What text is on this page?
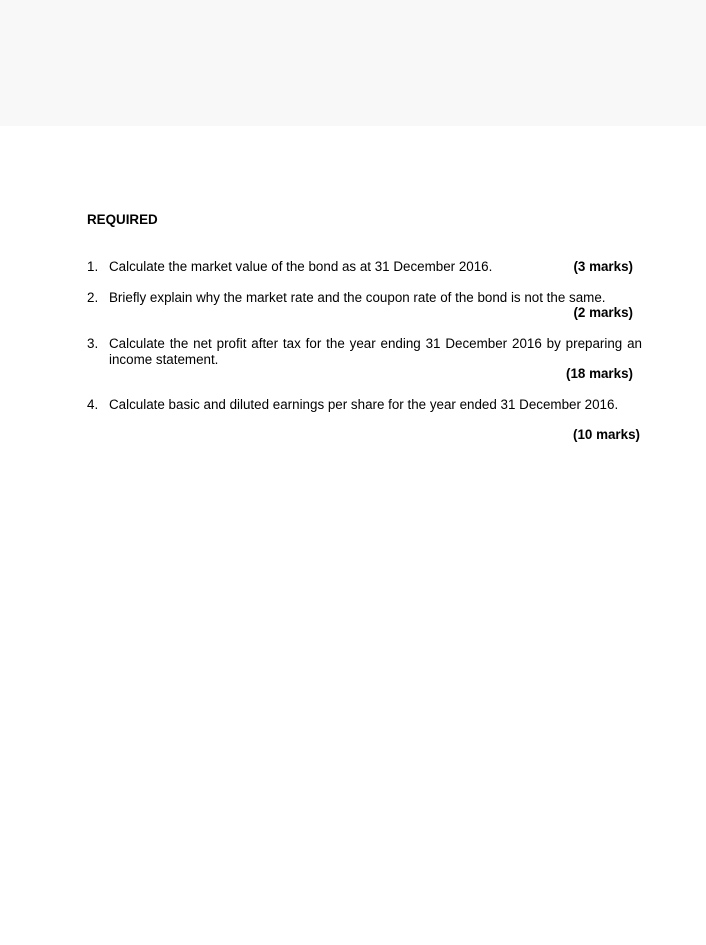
REQUIRED
1. Calculate the market value of the bond as at 31 December 2016.	(3 marks)
2. Briefly explain why the market rate and the coupon rate of the bond is not the same.
(2 marks)
3. Calculate the net profit after tax for the year ending 31 December 2016 by preparing an income statement.
(18 marks)
4. Calculate basic and diluted earnings per share for the year ended 31 December 2016.
(10 marks)
